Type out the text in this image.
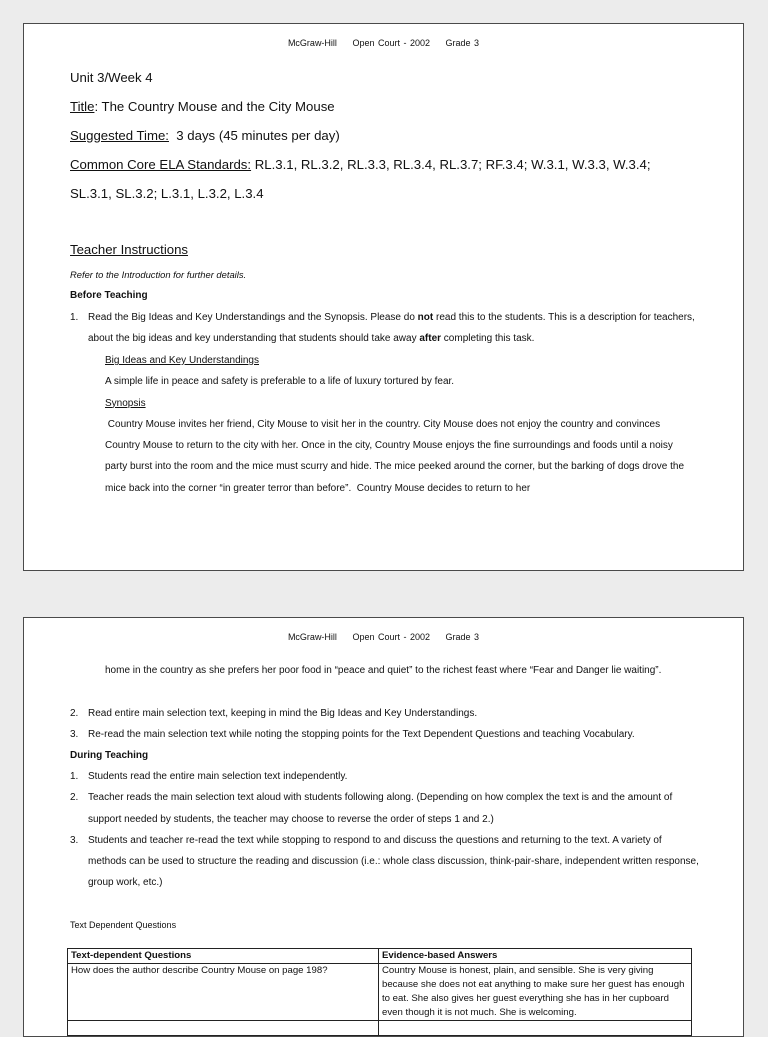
McGraw-Hill Open Court - 2002 Grade 3
Unit 3/Week 4
Title: The Country Mouse and the City Mouse
Suggested Time:  3 days (45 minutes per day)
Common Core ELA Standards: RL.3.1, RL.3.2, RL.3.3, RL.3.4, RL.3.7; RF.3.4; W.3.1, W.3.3, W.3.4;
SL.3.1, SL.3.2; L.3.1, L.3.2, L.3.4
Teacher Instructions
Refer to the Introduction for further details.
Before Teaching
1. Read the Big Ideas and Key Understandings and the Synopsis. Please do not read this to the students. This is a description for teachers, about the big ideas and key understanding that students should take away after completing this task.
Big Ideas and Key Understandings
A simple life in peace and safety is preferable to a life of luxury tortured by fear.
Synopsis
Country Mouse invites her friend, City Mouse to visit her in the country. City Mouse does not enjoy the country and convinces Country Mouse to return to the city with her. Once in the city, Country Mouse enjoys the fine surroundings and foods until a noisy party burst into the room and the mice must scurry and hide. The mice peeked around the corner, but the barking of dogs drove the mice back into the corner “in greater terror than before”.  Country Mouse decides to return to her
McGraw-Hill Open Court - 2002 Grade 3
home in the country as she prefers her poor food in “peace and quiet” to the richest feast where “Fear and Danger lie waiting”.
2. Read entire main selection text, keeping in mind the Big Ideas and Key Understandings.
3. Re-read the main selection text while noting the stopping points for the Text Dependent Questions and teaching Vocabulary.
During Teaching
1. Students read the entire main selection text independently.
2. Teacher reads the main selection text aloud with students following along. (Depending on how complex the text is and the amount of support needed by students, the teacher may choose to reverse the order of steps 1 and 2.)
3. Students and teacher re-read the text while stopping to respond to and discuss the questions and returning to the text. A variety of methods can be used to structure the reading and discussion (i.e.: whole class discussion, think-pair-share, independent written response, group work, etc.)
Text Dependent Questions
Text-dependent Questions	Evidence-based Answers
How does the author describe Country Mouse on page 198?	Country Mouse is honest, plain, and sensible. She is very giving because she does not eat anything to make sure her guest has enough to eat. She also gives her guest everything she has in her cupboard even though it is not much. She is welcoming.
